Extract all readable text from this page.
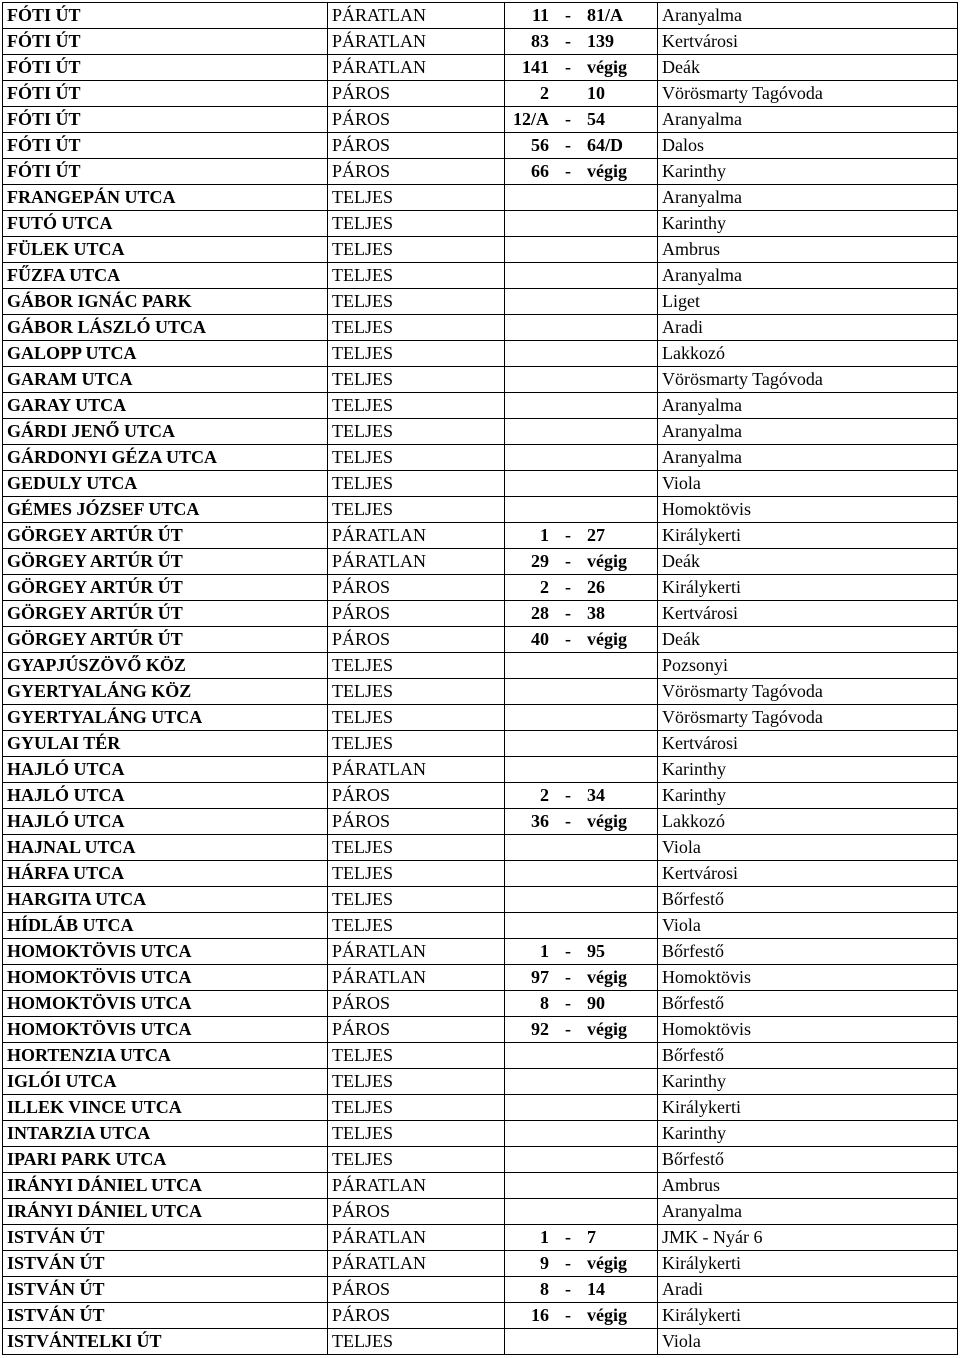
FÓTI ÚT	PÁRATLAN	11	-	81/A	Aranyalma
FÓTI ÚT	PÁRATLAN	83	-	139	Kertvárosi
FÓTI ÚT	PÁRATLAN	141	-	végig	Deák
FÓTI ÚT	PÁROS	2		10	Vörösmarty Tagóvoda
FÓTI ÚT	PÁROS	12/A	-	54	Aranyalma
FÓTI ÚT	PÁROS	56	-	64/D	Dalos
FÓTI ÚT	PÁROS	66	-	végig	Karinthy
FRANGEPÁN UTCA	TELJES				Aranyalma
FUTÓ UTCA	TELJES				Karinthy
FÜLEK UTCA	TELJES				Ambrus
FŰZFA UTCA	TELJES				Aranyalma
GÁBOR IGNÁC PARK	TELJES				Liget
GÁBOR LÁSZLÓ UTCA	TELJES				Aradi
GALOPP UTCA	TELJES				Lakkozó
GARAM UTCA	TELJES				Vörösmarty Tagóvoda
GARAY UTCA	TELJES				Aranyalma
GÁRDI JENŐ UTCA	TELJES				Aranyalma
GÁRDONYI GÉZA UTCA	TELJES				Aranyalma
GEDULY UTCA	TELJES				Viola
GÉMES JÓZSEF UTCA	TELJES				Homoktövis
GÖRGEY ARTÚR ÚT	PÁRATLAN	1	-	27	Királykerti
GÖRGEY ARTÚR ÚT	PÁRATLAN	29	-	végig	Deák
GÖRGEY ARTÚR ÚT	PÁROS	2	-	26	Királykerti
GÖRGEY ARTÚR ÚT	PÁROS	28	-	38	Kertvárosi
GÖRGEY ARTÚR ÚT	PÁROS	40	-	végig	Deák
GYAPJÚSZÖVŐ KÖZ	TELJES				Pozsonyi
GYERTYALÁNG KÖZ	TELJES				Vörösmarty Tagóvoda
GYERTYALÁNG UTCA	TELJES				Vörösmarty Tagóvoda
GYULAI TÉR	TELJES				Kertvárosi
HAJLÓ UTCA	PÁRATLAN				Karinthy
HAJLÓ UTCA	PÁROS	2	-	34	Karinthy
HAJLÓ UTCA	PÁROS	36	-	végig	Lakkozó
HAJNAL UTCA	TELJES				Viola
HÁRFA UTCA	TELJES				Kertvárosi
HARGITA UTCA	TELJES				Bőrfestő
HÍDLÁB UTCA	TELJES				Viola
HOMOKTÖVIS UTCA	PÁRATLAN	1	-	95	Bőrfestő
HOMOKTÖVIS UTCA	PÁRATLAN	97	-	végig	Homoktövis
HOMOKTÖVIS UTCA	PÁROS	8	-	90	Bőrfestő
HOMOKTÖVIS UTCA	PÁROS	92	-	végig	Homoktövis
HORTENZIA UTCA	TELJES				Bőrfestő
IGLÓI UTCA	TELJES				Karinthy
ILLEK VINCE UTCA	TELJES				Királykerti
INTARZIA UTCA	TELJES				Karinthy
IPARI PARK UTCA	TELJES				Bőrfestő
IRÁNYI DÁNIEL UTCA	PÁRATLAN				Ambrus
IRÁNYI DÁNIEL UTCA	PÁROS				Aranyalma
ISTVÁN ÚT	PÁRATLAN	1	-	7	JMK - Nyár 6
ISTVÁN ÚT	PÁRATLAN	9	-	végig	Királykerti
ISTVÁN ÚT	PÁROS	8	-	14	Aradi
ISTVÁN ÚT	PÁROS	16	-	végig	Királykerti
ISTVÁNTELKI ÚT	TELJES				Viola
